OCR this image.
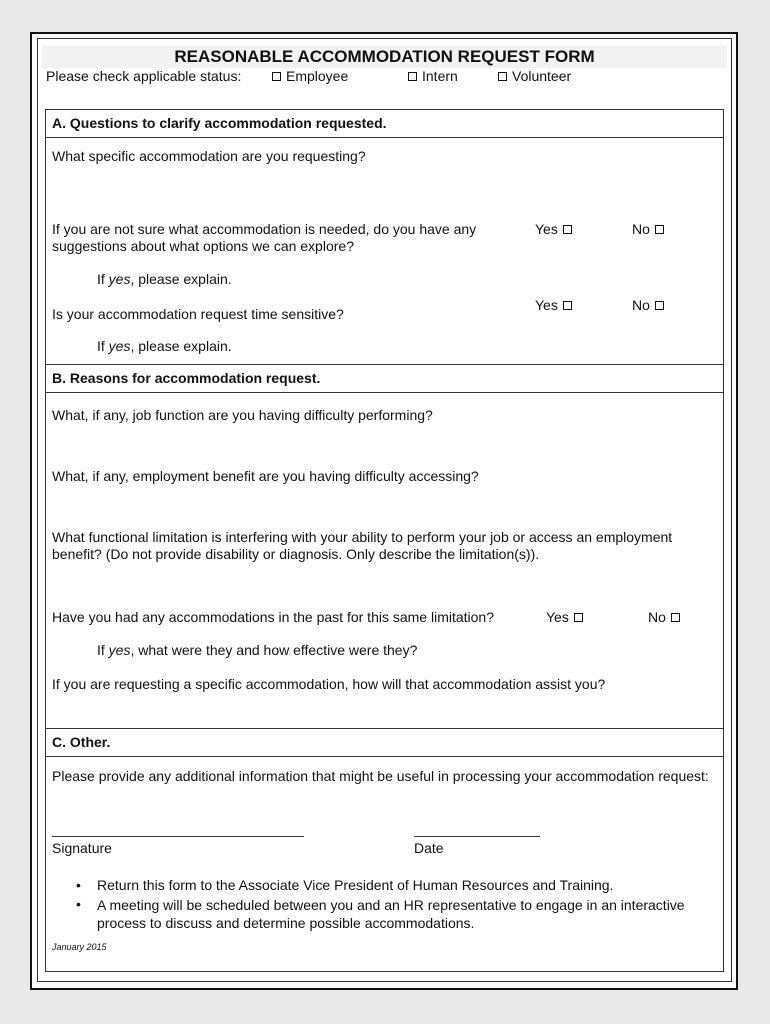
REASONABLE ACCOMMODATION REQUEST FORM
Please check applicable status:	Employee	Intern	Volunteer
A. Questions to clarify accommodation requested.
What specific accommodation are you requesting?
If you are not sure what accommodation is needed, do you have any suggestions about what options we can explore?
Yes	No
If yes, please explain.
Is your accommodation request time sensitive?
Yes	No
If yes, please explain.
B. Reasons for accommodation request.
What, if any, job function are you having difficulty performing?
What, if any, employment benefit are you having difficulty accessing?
What functional limitation is interfering with your ability to perform your job or access an employment benefit? (Do not provide disability or diagnosis. Only describe the limitation(s)).
Have you had any accommodations in the past for this same limitation?	Yes	No
If yes, what were they and how effective were they?
If you are requesting a specific accommodation, how will that accommodation assist you?
C. Other.
Please provide any additional information that might be useful in processing your accommodation request:
Signature	Date
• Return this form to the Associate Vice President of Human Resources and Training.
• A meeting will be scheduled between you and an HR representative to engage in an interactive process to discuss and determine possible accommodations.
January 2015
